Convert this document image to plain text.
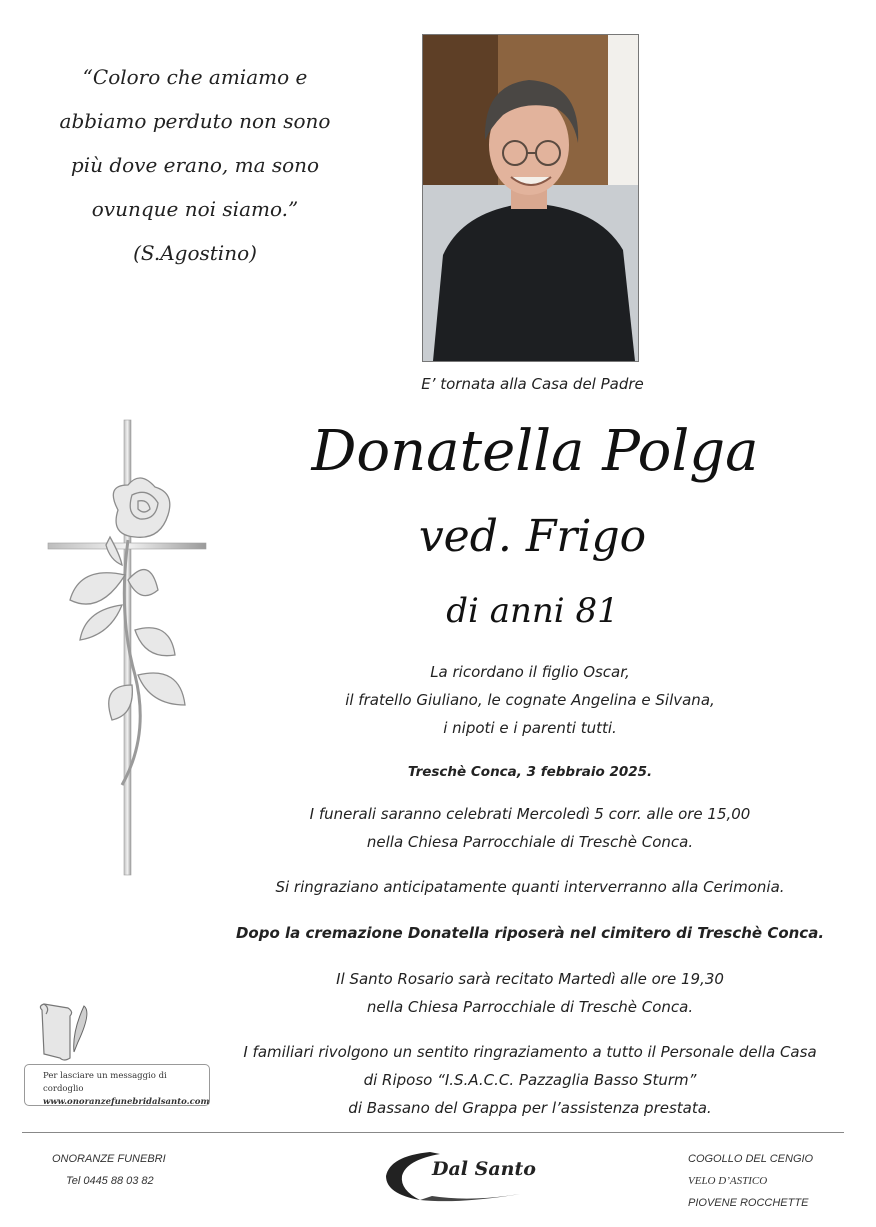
“Coloro che amiamo e
abbiamo perduto non sono
più dove erano, ma sono
ovunque noi siamo.”
(S.Agostino)
E’ tornata alla Casa del Padre
Donatella Polga
ved. Frigo
di anni 81
La ricordano il figlio Oscar,
il fratello Giuliano, le cognate Angelina e Silvana,
i nipoti e i parenti tutti.
Treschè Conca, 3 febbraio 2025.
I funerali saranno celebrati Mercoledì 5 corr. alle ore 15,00
nella Chiesa Parrocchiale di Treschè Conca.
Si ringraziano anticipatamente quanti interverranno alla Cerimonia.
Dopo la cremazione Donatella riposerà nel cimitero di Treschè Conca.
Il Santo Rosario sarà recitato Martedì alle ore 19,30
nella Chiesa Parrocchiale di Treschè Conca.
I familiari rivolgono un sentito ringraziamento a tutto il Personale della Casa
di Riposo “I.S.A.C.C. Pazzaglia Basso Sturm”
di Bassano del Grappa per l’assistenza prestata.
Per lasciare un messaggio di cordoglio
www.onoranzefunebridalsanto.com
ONORANZE FUNEBRI
Tel 0445 88 03 82
Dal Santo	COGOLLO DEL CENGIO
VELO D’ASTICO
PIOVENE ROCCHETTE
